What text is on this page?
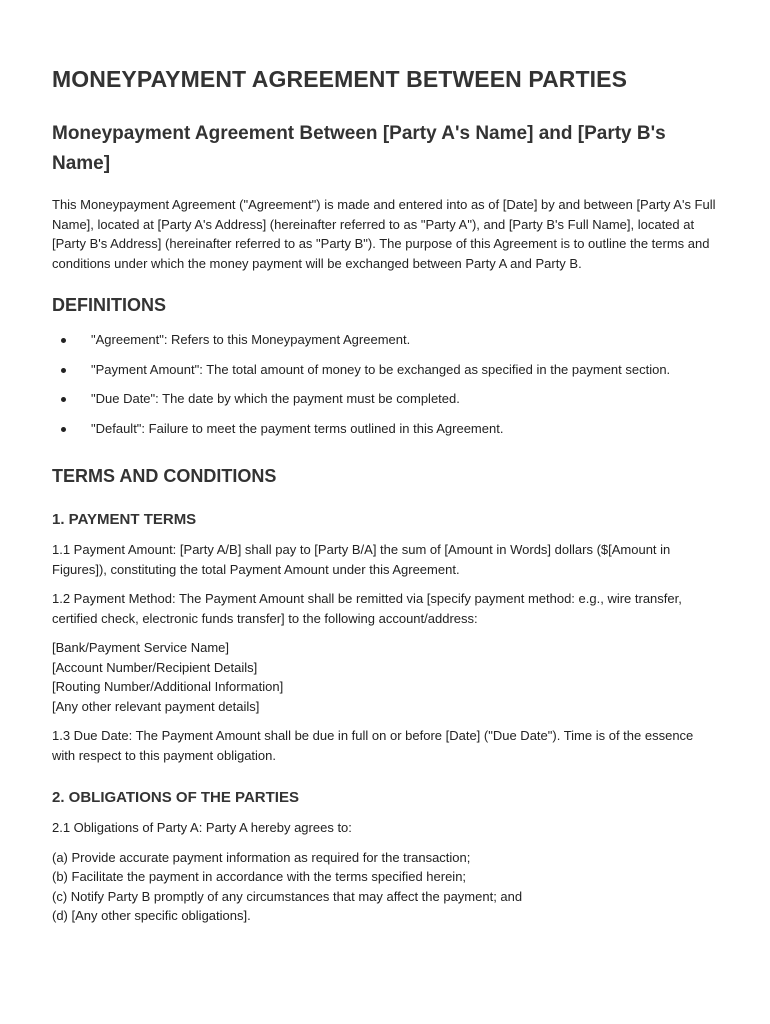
MONEYPAYMENT AGREEMENT BETWEEN PARTIES
Moneypayment Agreement Between [Party A's Name] and [Party B's Name]

This Moneypayment Agreement ("Agreement") is made and entered into as of [Date] by and between [Party A's Full Name], located at [Party A's Address] (hereinafter referred to as "Party A"), and [Party B's Full Name], located at [Party B's Address] (hereinafter referred to as "Party B"). The purpose of this Agreement is to outline the terms and conditions under which the money payment will be exchanged between Party A and Party B.

DEFINITIONS
"Agreement": Refers to this Moneypayment Agreement.
"Payment Amount": The total amount of money to be exchanged as specified in the payment section.
"Due Date": The date by which the payment must be completed.
"Default": Failure to meet the payment terms outlined in this Agreement.
TERMS AND CONDITIONS
1. PAYMENT TERMS

1.1 Payment Amount: [Party A/B] shall pay to [Party B/A] the sum of [Amount in Words] dollars ($[Amount in Figures]), constituting the total Payment Amount under this Agreement.

1.2 Payment Method: The Payment Amount shall be remitted via [specify payment method: e.g., wire transfer, certified check, electronic funds transfer] to the following account/address:

[Bank/Payment Service Name]
[Account Number/Recipient Details]
[Routing Number/Additional Information]
[Any other relevant payment details]

1.3 Due Date: The Payment Amount shall be due in full on or before [Date] ("Due Date"). Time is of the essence with respect to this payment obligation.

2. OBLIGATIONS OF THE PARTIES

2.1 Obligations of Party A: Party A hereby agrees to:

(a) Provide accurate payment information as required for the transaction;
(b) Facilitate the payment in accordance with the terms specified herein;
(c) Notify Party B promptly of any circumstances that may affect the payment; and
(d) [Any other specific obligations].
